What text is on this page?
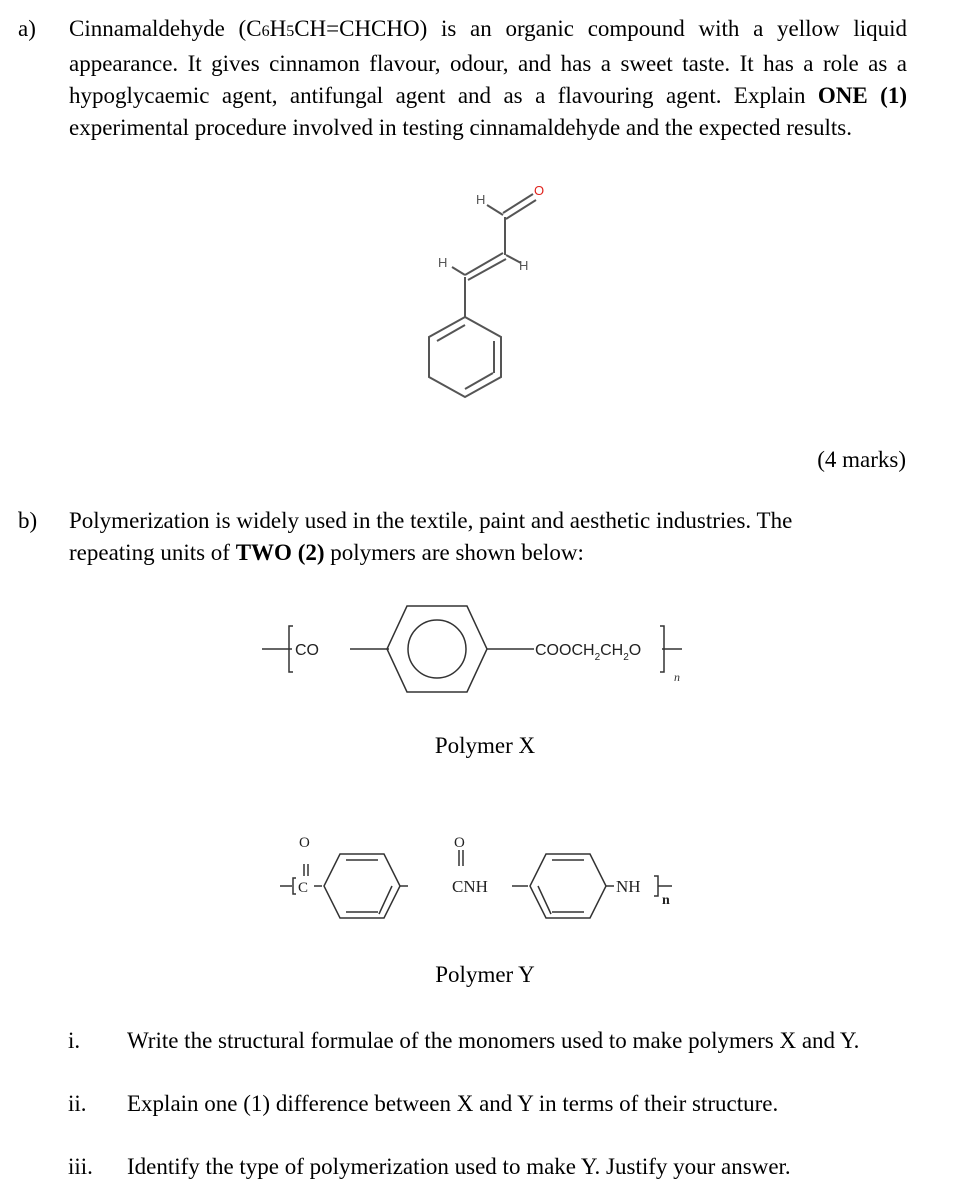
a) Cinnamaldehyde (C6H5CH=CHCHO) is an organic compound with a yellow liquid appearance. It gives cinnamon flavour, odour, and has a sweet taste. It has a role as a hypoglycaemic agent, antifungal agent and as a flavouring agent. Explain ONE (1) experimental procedure involved in testing cinnamaldehyde and the expected results.
H
O
H	H
(4 marks)
b) Polymerization is widely used in the textile, paint and aesthetic industries. The repeating units of TWO (2) polymers are shown below:
CO	$COOCH_2CH_2O$
n
Polymer X
O
C
O
CNH	NH
n
Polymer Y
i. Write the structural formulae of the monomers used to make polymers X and Y.
ii. Explain one (1) difference between X and Y in terms of their structure.
iii. Identify the type of polymerization used to make Y. Justify your answer.
